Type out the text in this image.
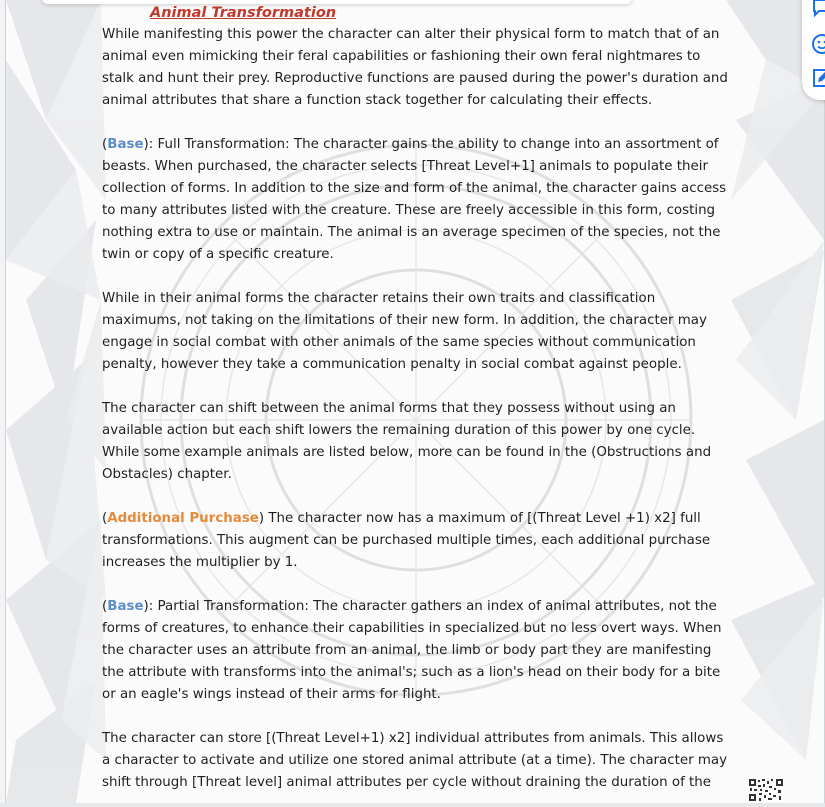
Animal Transformation

While manifesting this power the character can alter their physical form to match that of an animal even mimicking their feral capabilities or fashioning their own feral nightmares to stalk and hunt their prey. Reproductive functions are paused during the power's duration and animal attributes that share a function stack together for calculating their effects.

(Base): Full Transformation: The character gains the ability to change into an assortment of beasts. When purchased, the character selects [Threat Level+1] animals to populate their collection of forms. In addition to the size and form of the animal, the character gains access to many attributes listed with the creature. These are freely accessible in this form, costing nothing extra to use or maintain. The animal is an average specimen of the species, not the twin or copy of a specific creature.

While in their animal forms the character retains their own traits and classification maximums, not taking on the limitations of their new form. In addition, the character may engage in social combat with other animals of the same species without communication penalty, however they take a communication penalty in social combat against people.

The character can shift between the animal forms that they possess without using an available action but each shift lowers the remaining duration of this power by one cycle.

While some example animals are listed below, more can be found in the (Obstructions and Obstacles) chapter.

(Additional Purchase) The character now has a maximum of [(Threat Level +1) x2] full transformations. This augment can be purchased multiple times, each additional purchase increases the multiplier by 1.

(Base): Partial Transformation: The character gathers an index of animal attributes, not the forms of creatures, to enhance their capabilities in specialized but no less overt ways. When the character uses an attribute from an animal, the limb or body part they are manifesting the attribute with transforms into the animal's; such as a lion's head on their body for a bite or an eagle's wings instead of their arms for flight.

The character can store [(Threat Level+1) x2] individual attributes from animals. This allows a character to activate and utilize one stored animal attribute (at a time). The character may shift through [Threat level] animal attributes per cycle without draining the duration of the
